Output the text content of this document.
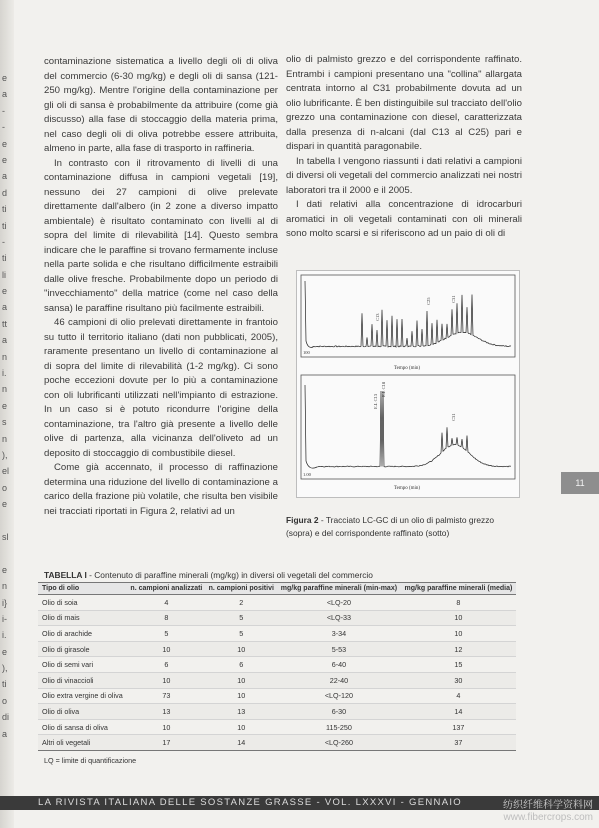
e
a
-
-
e
e
a
d
ti
ti
-
ti
li
e
a
tt
a
n
i.
n
e
s
n
),
el
o
e
sl
e
n
i}
i-
i.
e
),
ti
o
di
a

contaminazione sistematica a livello degli oli di oliva del commercio (6-30 mg/kg) e degli oli di sansa (121-250 mg/kg). Mentre l'origine della contaminazione per gli oli di sansa è probabilmente da attribuire (come già discusso) alla fase di stoccaggio della materia prima, nel caso degli oli di oliva potrebbe essere attribuita, almeno in parte, alla fase di trasporto in raffineria.

In contrasto con il ritrovamento di livelli di una contaminazione diffusa in campioni vegetali [19], nessuno dei 27 campioni di olive prelevate direttamente dall'albero (in 2 zone a diverso impatto ambientale) è risultato contaminato con livelli al di sopra del limite di rilevabilità [14]. Questo sembra indicare che le paraffine si trovano fermamente incluse nella parte solida e che risultano difficilmente estraibili dalle olive fresche. Probabilmente dopo un periodo di "invecchiamento" della matrice (come nel caso della sansa) le paraffine risultano più facilmente estraibili.

46 campioni di olio prelevati direttamente in frantoio su tutto il territorio italiano (dati non pubblicati, 2005), raramente presentano un livello di contaminazione al di sopra del limite di rilevabilità (1-2 mg/kg). Ci sono poche eccezioni dovute per lo più a contaminazione con oli lubrificanti utilizzati nell'impianto di estrazione. In un caso si è potuto ricondurre l'origine della contaminazione, tra l'altro già presente a livello delle olive di partenza, alla vicinanza dell'oliveto ad un deposito di stoccaggio di combustibile diesel.

Come già accennato, il processo di raffinazione determina una riduzione del livello di contaminazione a carico della frazione più volatile, che risulta ben visibile nei tracciati riportati in Figura 2, relativi ad un

olio di palmisto grezzo e del corrispondente raffinato. Entrambi i campioni presentano una "collina" allargata centrata intorno al C31 probabilmente dovuta ad un olio lubrificante. È ben distinguibile sul tracciato dell'olio grezzo una contaminazione con diesel, caratterizzata dalla presenza di n-alcani (dal C13 al C25) pari e dispari in quantità paragonabile.

In tabella I vengono riassunti i dati relativi a campioni di diversi oli vegetali del commercio analizzati nei nostri laboratori tra il 2000 e il 2005.

I dati relativi alla concentrazione di idrocarburi aromatici in oli vegetali contaminati con oli minerali sono molto scarsi e si riferiscono ad un paio di oli di

Tempo (min)
100
C13
C25	C31
Tempo (min)
1.00
E.I. C13
E.I. C18
C31
Figura 2 - Tracciato LC-GC di un olio di palmisto grezzo (sopra) e del corrispondente raffinato (sotto)
11
TABELLA I - Contenuto di paraffine minerali (mg/kg) in diversi oli vegetali del commercio
Tipo di olio	n. campioni analizzati	n. campioni positivi	mg/kg paraffine minerali (min-max)	mg/kg paraffine minerali (media)
Olio di soia	4	2	<LQ-20	8
Olio di mais	8	5	<LQ-33	10
Olio di arachide	5	5	3-34	10
Olio di girasole	10	10	5-53	12
Olio di semi vari	6	6	6-40	15
Olio di vinaccioli	10	10	22-40	30
Olio extra vergine di oliva	73	10	<LQ-120	4
Olio di oliva	13	13	6-30	14
Olio di sansa di oliva	10	10	115-250	137
Altri oli vegetali	17	14	<LQ-260	37
LQ = limite di quantificazione
LA RIVISTA ITALIANA DELLE SOSTANZE GRASSE - VOL. LXXXVI - GENNAIO	纺织纤维科学资料网
www.fibercrops.com
